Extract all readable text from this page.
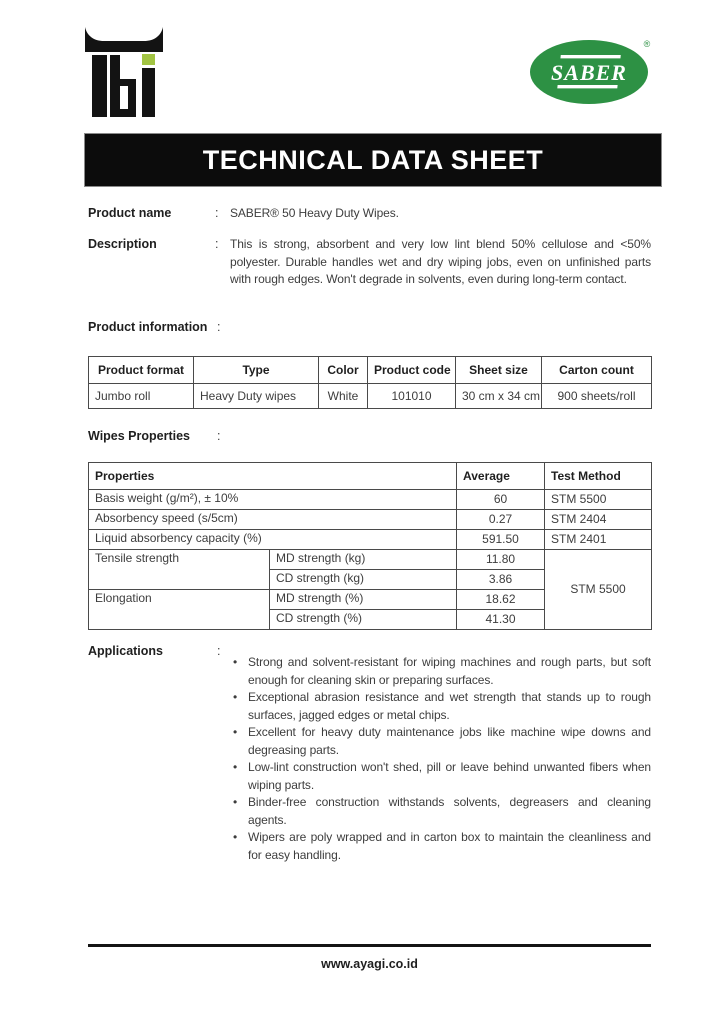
SABER
®
TECHNICAL DATA SHEET
Product name	: SABER® 50 Heavy Duty Wipes.
Description	: This is strong, absorbent and very low lint blend 50% cellulose and <50% polyester. Durable handles wet and dry wiping jobs, even on unfinished parts with rough edges. Won't degrade in solvents, even during long-term contact.
Product information :
Product format	Type	Color	Product code	Sheet size	Carton count
Jumbo roll	Heavy Duty wipes	White	101010	30 cm x 34 cm	900 sheets/roll
Wipes Properties	:
Properties		Average	Test Method
Basis weight (g/m²), ± 10%		60	STM 5500
Absorbency speed (s/5cm)		0.27	STM 2404
Liquid absorbency capacity (%)		591.50	STM 2401
Tensile strength	MD strength (kg)	11.80	STM 5500
	CD strength (kg)	3.86	
Elongation	MD strength (%)	18.62	
	CD strength (%)	41.30	
Applications	:
• Strong and solvent-resistant for wiping machines and rough parts, but soft enough for cleaning skin or preparing surfaces.
• Exceptional abrasion resistance and wet strength that stands up to rough surfaces, jagged edges or metal chips.
• Excellent for heavy duty maintenance jobs like machine wipe downs and degreasing parts.
• Low-lint construction won't shed, pill or leave behind unwanted fibers when wiping parts.
• Binder-free construction withstands solvents, degreasers and cleaning agents.
• Wipers are poly wrapped and in carton box to maintain the cleanliness and for easy handling.
www.ayagi.co.id
